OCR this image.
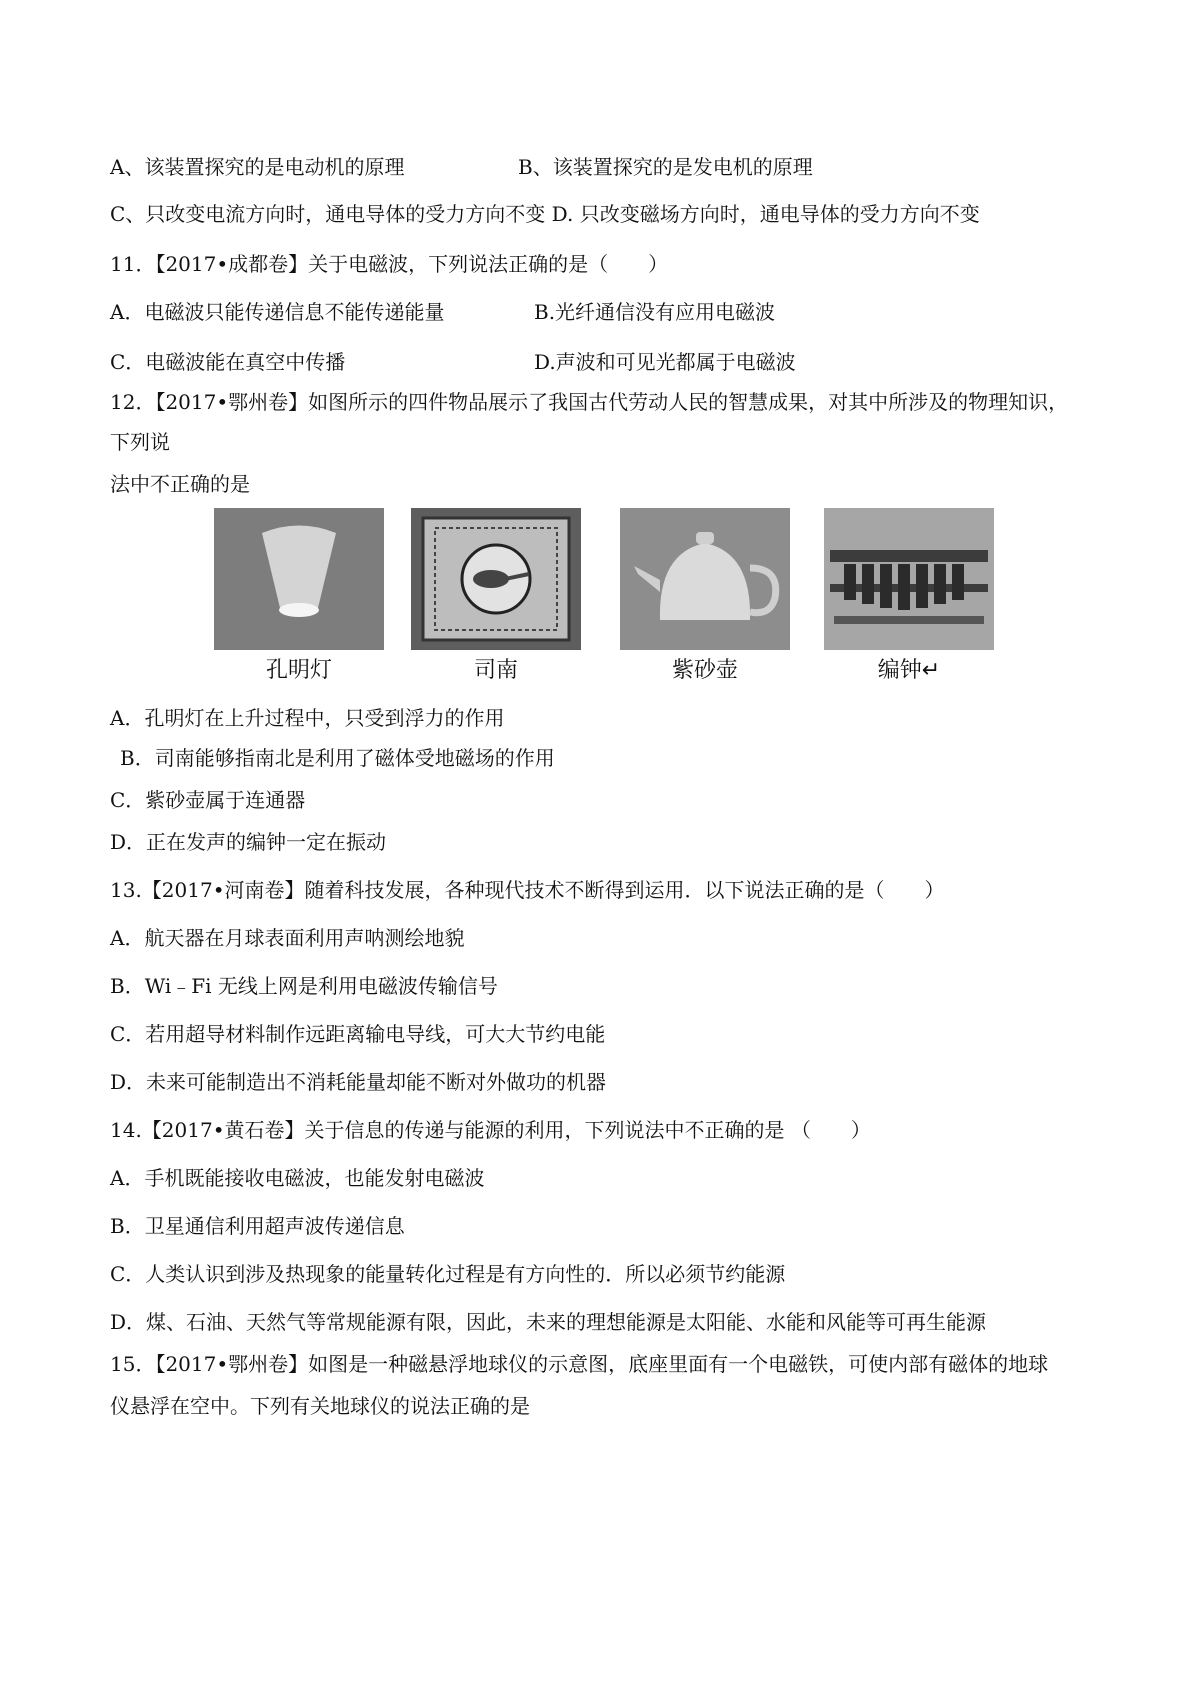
A、该装置探究的是电动机的原理	B、该装置探究的是发电机的原理
C、只改变电流方向时，通电导体的受力方向不变 D. 只改变磁场方向时，通电导体的受力方向不变
11．【2017•成都卷】关于电磁波，下列说法正确的是（　　）
A．电磁波只能传递信息不能传递能量	B.光纤通信没有应用电磁波
C．电磁波能在真空中传播	D.声波和可见光都属于电磁波
12．【2017•鄂州卷】如图所示的四件物品展示了我国古代劳动人民的智慧成果，对其中所涉及的物理知识，
下列说
法中不正确的是
孔明灯	司南	紫砂壶	编钟↵
A．孔明灯在上升过程中，只受到浮力的作用
B．司南能够指南北是利用了磁体受地磁场的作用
C．紫砂壶属于连通器
D．正在发声的编钟一定在振动
13.【2017•河南卷】随着科技发展，各种现代技术不断得到运用．以下说法正确的是（　　）
A．航天器在月球表面利用声呐测绘地貌
B．Wi﹣Fi 无线上网是利用电磁波传输信号
C．若用超导材料制作远距离输电导线，可大大节约电能
D．未来可能制造出不消耗能量却能不断对外做功的机器
14.【2017•黄石卷】关于信息的传递与能源的利用，下列说法中不正确的是 （　　）
A．手机既能接收电磁波，也能发射电磁波
B．卫星通信利用超声波传递信息
C．人类认识到涉及热现象的能量转化过程是有方向性的．所以必须节约能源
D．煤、石油、天然气等常规能源有限，因此，未来的理想能源是太阳能、水能和风能等可再生能源
15．【2017•鄂州卷】如图是一种磁悬浮地球仪的示意图，底座里面有一个电磁铁，可使内部有磁体的地球
仪悬浮在空中。下列有关地球仪的说法正确的是
